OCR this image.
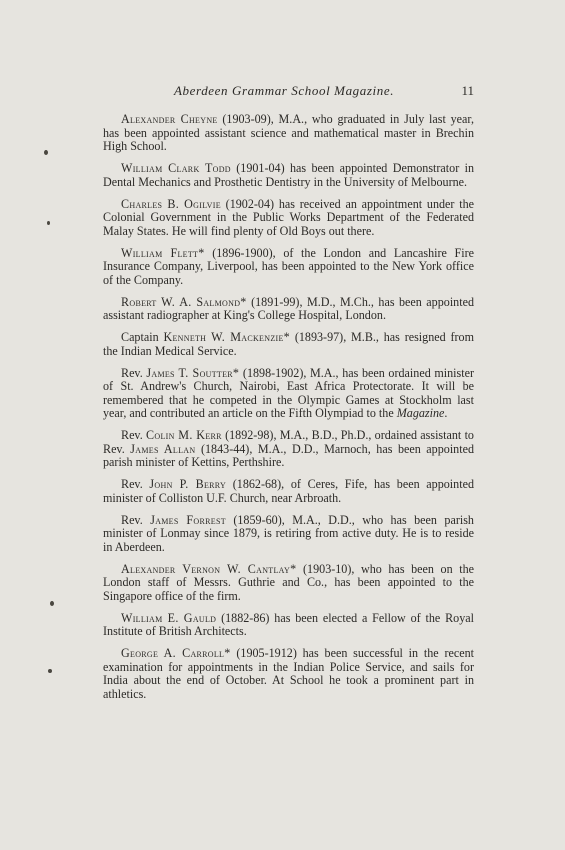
Aberdeen Grammar School Magazine.	11

Alexander Cheyne (1903-09), M.A., who graduated in July last year, has been appointed assistant science and mathematical master in Brechin High School.

William Clark Todd (1901-04) has been appointed Demonstrator in Dental Mechanics and Prosthetic Dentistry in the University of Melbourne.

Charles B. Ogilvie (1902-04) has received an appointment under the Colonial Government in the Public Works Department of the Federated Malay States. He will find plenty of Old Boys out there.

William Flett* (1896-1900), of the London and Lancashire Fire Insurance Company, Liverpool, has been appointed to the New York office of the Company.

Robert W. A. Salmond* (1891-99), M.D., M.Ch., has been appointed assistant radiographer at King's College Hospital, London.

Captain Kenneth W. Mackenzie* (1893-97), M.B., has resigned from the Indian Medical Service.

Rev. James T. Soutter* (1898-1902), M.A., has been ordained minister of St. Andrew's Church, Nairobi, East Africa Protectorate. It will be remembered that he competed in the Olympic Games at Stockholm last year, and contributed an article on the Fifth Olympiad to the Magazine.

Rev. Colin M. Kerr (1892-98), M.A., B.D., Ph.D., ordained assistant to Rev. James Allan (1843-44), M.A., D.D., Marnoch, has been appointed parish minister of Kettins, Perthshire.

Rev. John P. Berry (1862-68), of Ceres, Fife, has been appointed minister of Colliston U.F. Church, near Arbroath.

Rev. James Forrest (1859-60), M.A., D.D., who has been parish minister of Lonmay since 1879, is retiring from active duty. He is to reside in Aberdeen.

Alexander Vernon W. Cantlay* (1903-10), who has been on the London staff of Messrs. Guthrie and Co., has been appointed to the Singapore office of the firm.

William E. Gauld (1882-86) has been elected a Fellow of the Royal Institute of British Architects.

George A. Carroll* (1905-1912) has been successful in the recent examination for appointments in the Indian Police Service, and sails for India about the end of October. At School he took a prominent part in athletics.
